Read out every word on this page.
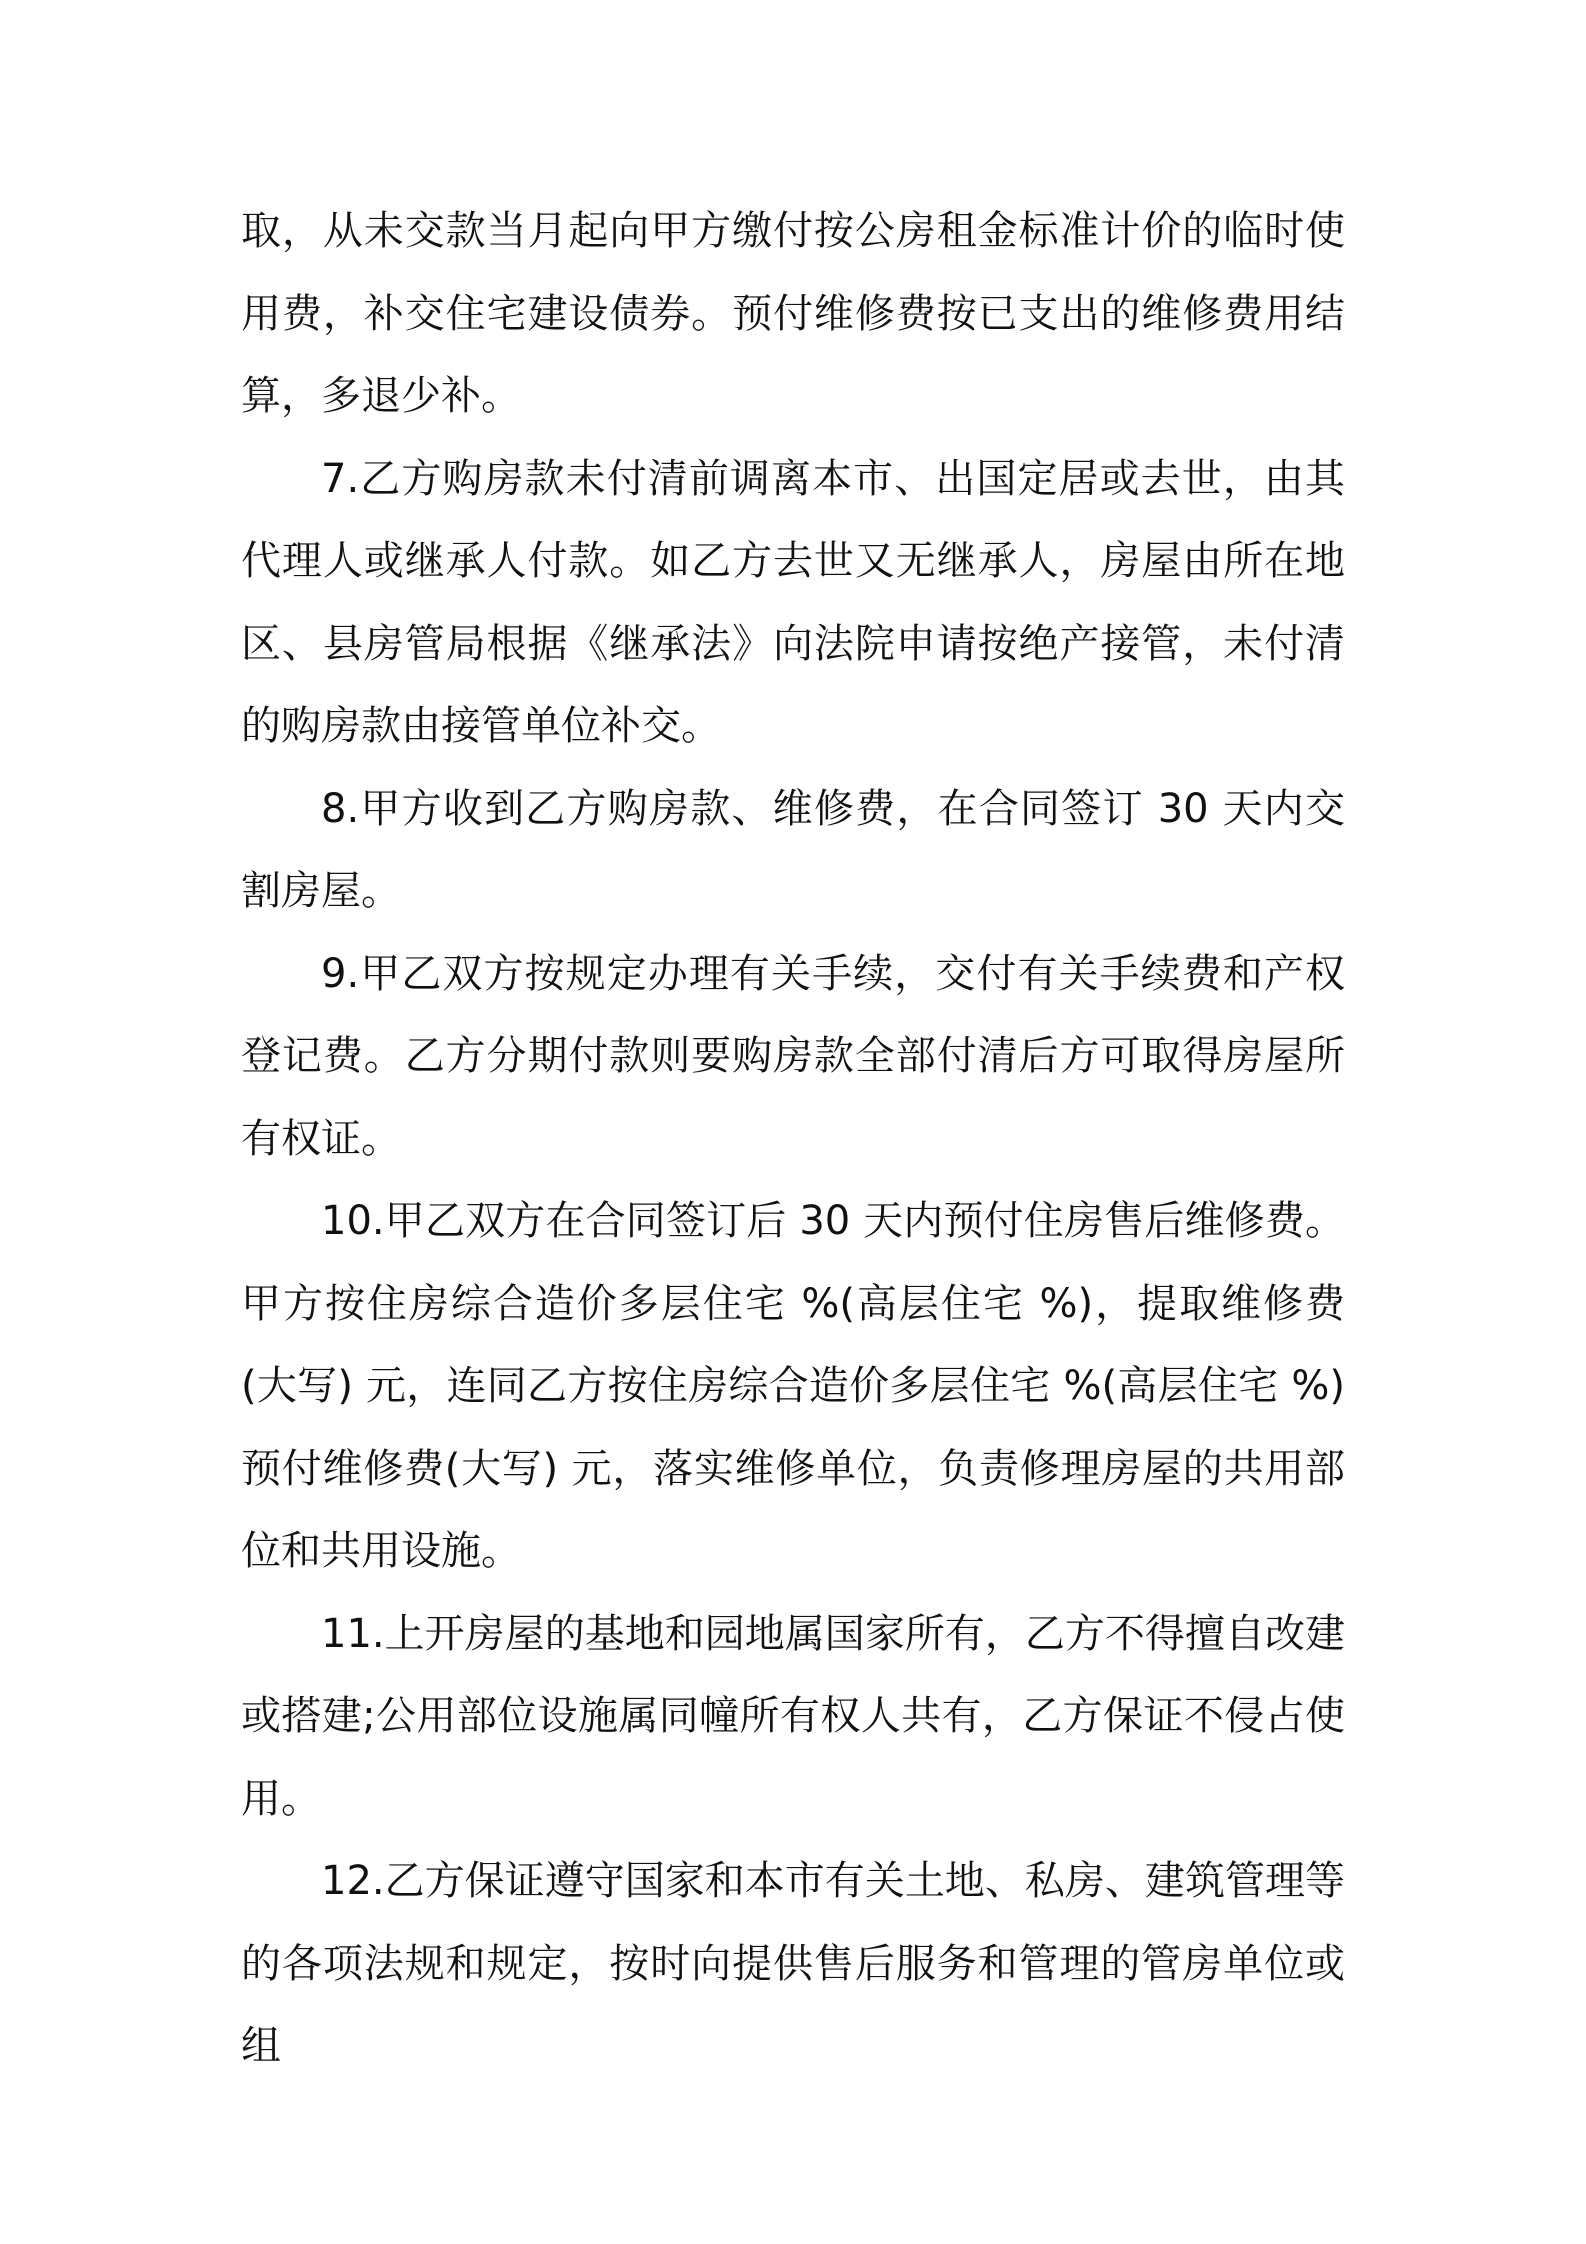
取，从未交款当月起向甲方缴付按公房租金标准计价的临时使用费，补交住宅建设债券。预付维修费按已支出的维修费用结算，多退少补。

7.乙方购房款未付清前调离本市、出国定居或去世，由其代理人或继承人付款。如乙方去世又无继承人，房屋由所在地区、县房管局根据《继承法》向法院申请按绝产接管，未付清的购房款由接管单位补交。

8.甲方收到乙方购房款、维修费，在合同签订 30 天内交割房屋。

9.甲乙双方按规定办理有关手续，交付有关手续费和产权登记费。乙方分期付款则要购房款全部付清后方可取得房屋所有权证。

10.甲乙双方在合同签订后 30 天内预付住房售后维修费。甲方按住房综合造价多层住宅 %(高层住宅 %)，提取维修费(大写) 元，连同乙方按住房综合造价多层住宅 %(高层住宅 %)预付维修费(大写) 元，落实维修单位，负责修理房屋的共用部位和共用设施。

11.上开房屋的基地和园地属国家所有，乙方不得擅自改建或搭建;公用部位设施属同幢所有权人共有，乙方保证不侵占使用。

12.乙方保证遵守国家和本市有关土地、私房、建筑管理等的各项法规和规定，按时向提供售后服务和管理的管房单位或组
